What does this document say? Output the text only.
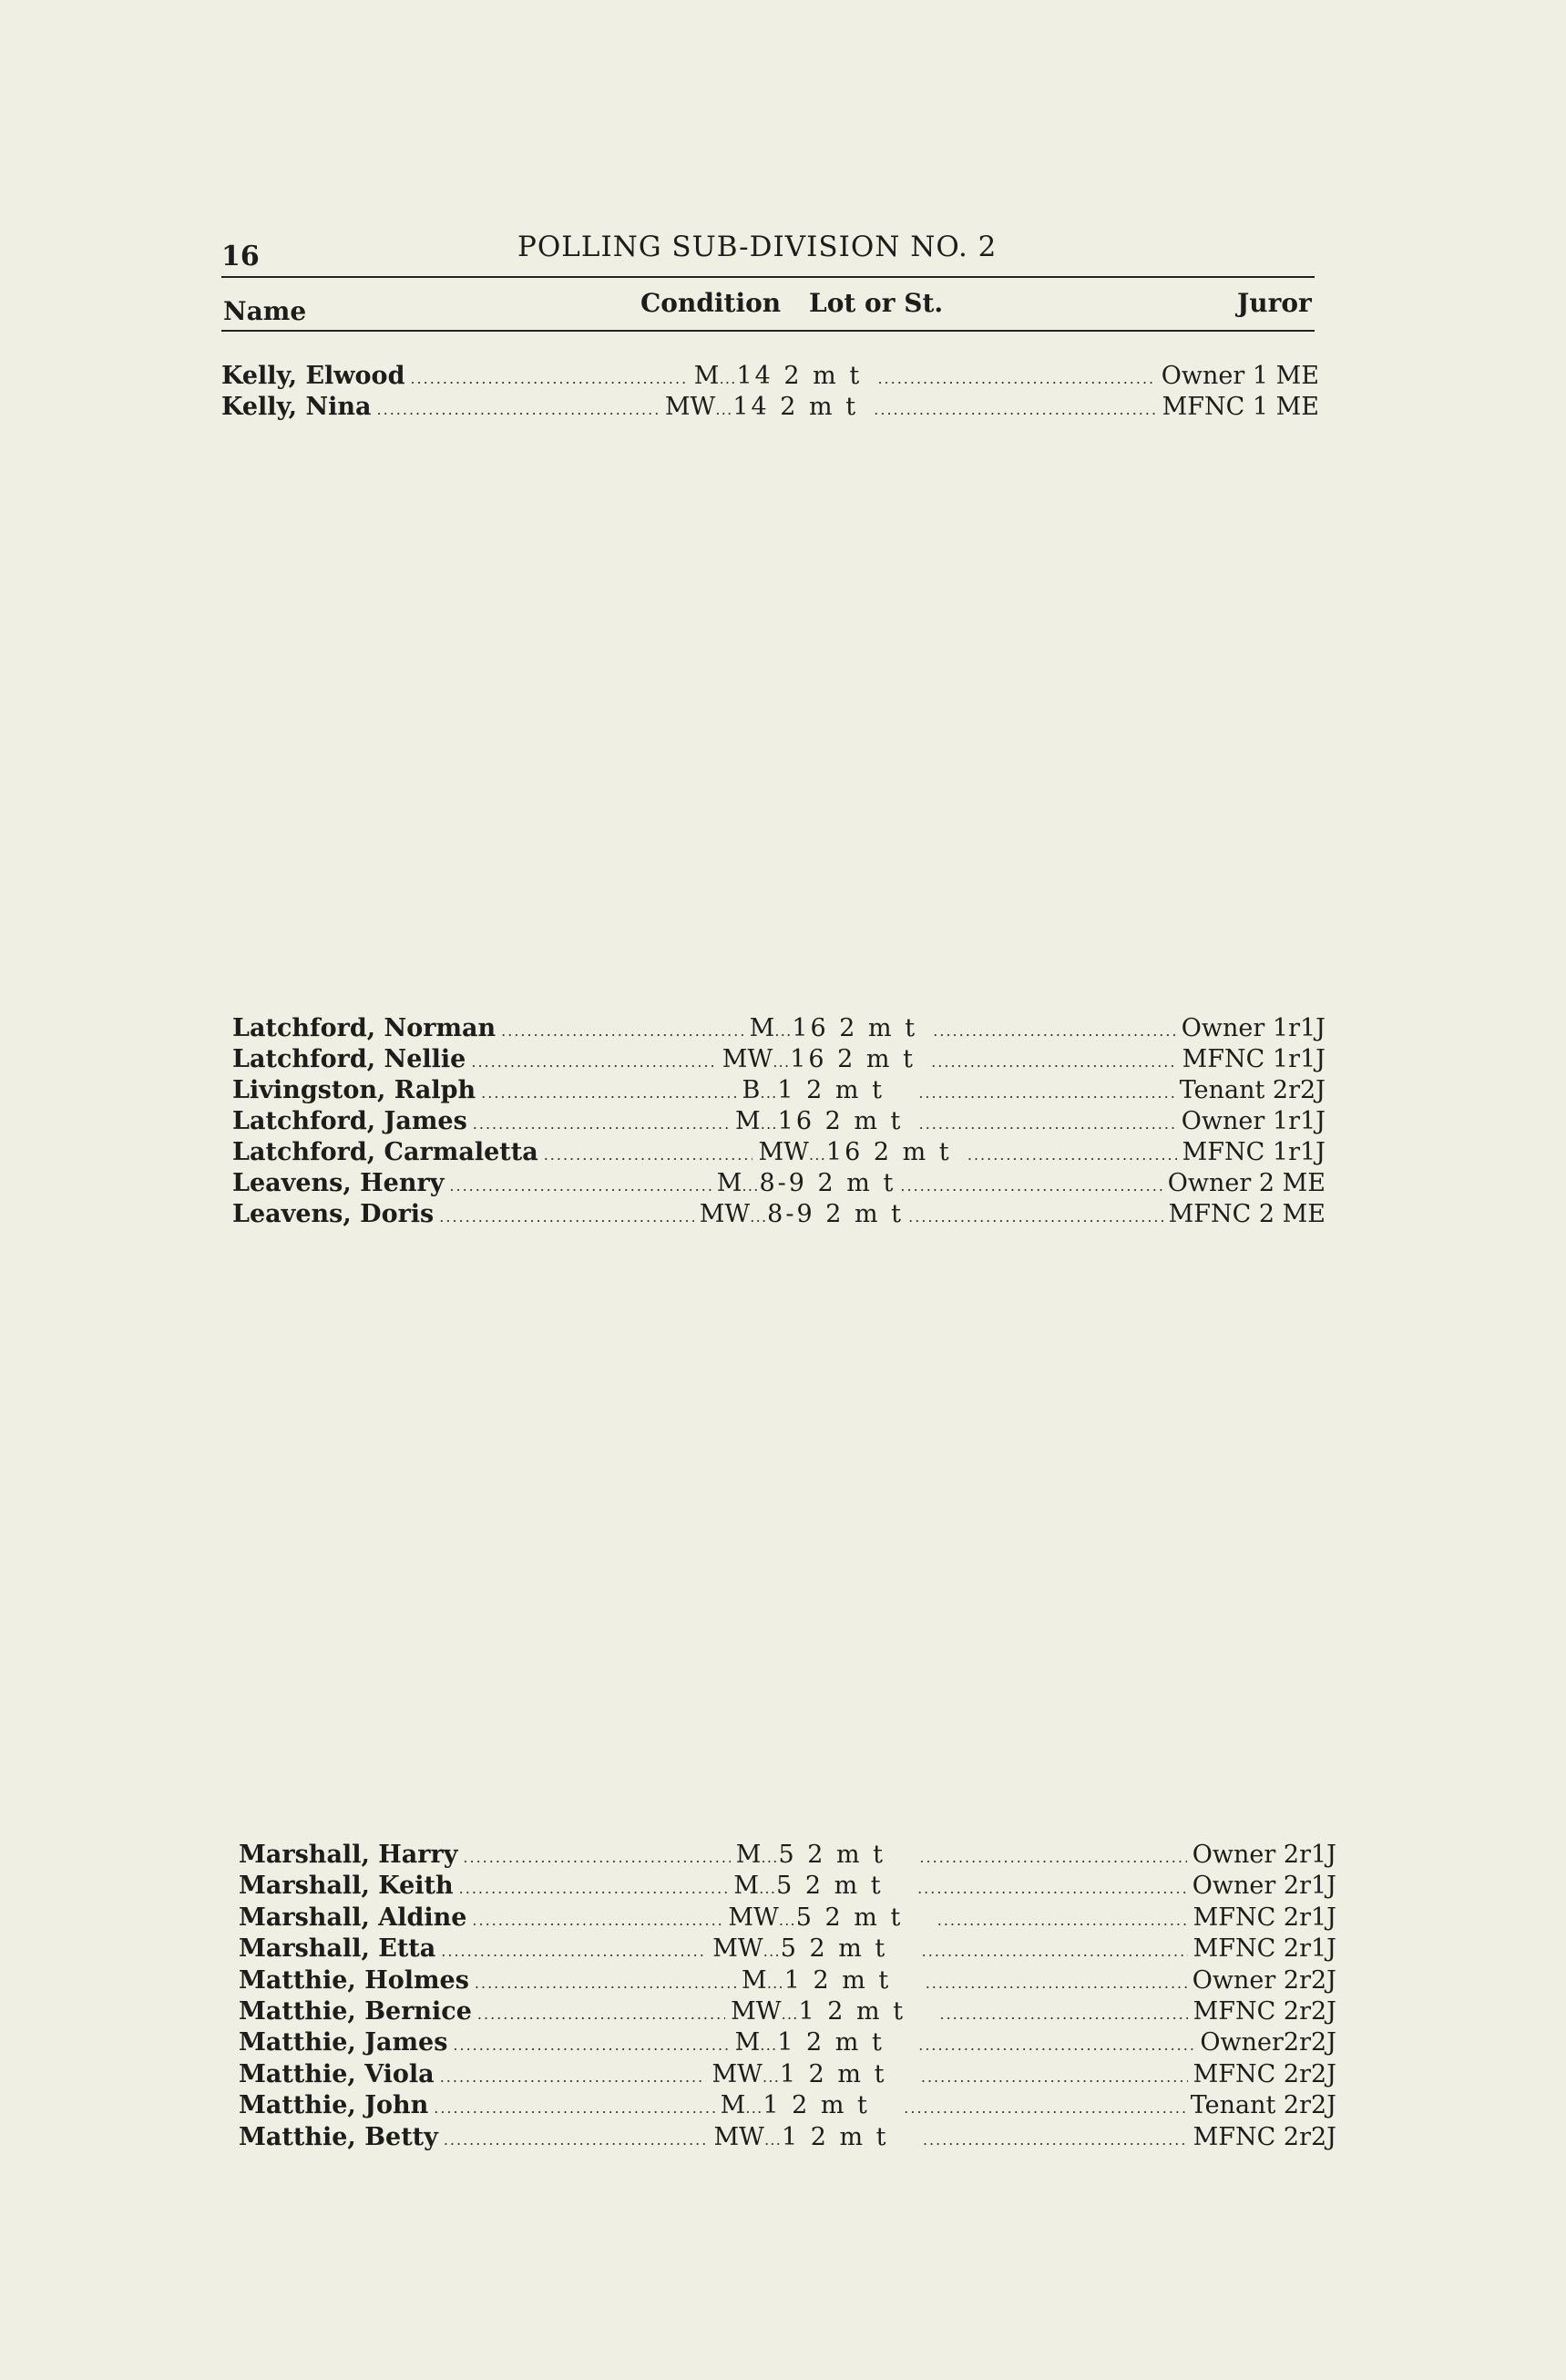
16	POLLING SUB-DIVISION NO. 2
Name	Condition Lot or St.	Juror
Kelly, Elwood .....	M ․․․14 2 m t .....	Owner 1 ME
Kelly, Nina .....	MW ․․․14 2 m t .....	MFNC 1 ME
Latchford, Norman .....	M ․․․16 2 m t .....	Owner 1r1J
Latchford, Nellie .....	MW ․․․16 2 m t .....	MFNC 1r1J
Livingston, Ralph .....	B ․․․1 2 m t .....	Tenant 2r2J
Latchford, James .....	M ․․․16 2 m t .....	Owner 1r1J
Latchford, Carmaletta .....	MW ․․․16 2 m t .....	MFNC 1r1J
Leavens, Henry .....	M ․․․8-9 2 m t .....	Owner 2 ME
Leavens, Doris .....	MW ․․․8-9 2 m t .....	MFNC 2 ME
Marshall, Harry .....	M ․․․5 2 m t .....	Owner 2r1J
Marshall, Keith .....	M ․․․5 2 m t .....	Owner 2r1J
Marshall, Aldine .....	MW ․․․5 2 m t .....	MFNC 2r1J
Marshall, Etta .....	MW ․․․5 2 m t .....	MFNC 2r1J
Matthie, Holmes .....	M ․․․1 2 m t .....	Owner 2r2J
Matthie, Bernice .....	MW ․․․1 2 m t .....	MFNC 2r2J
Matthie, James .....	M ․․․1 2 m t .....	Owner2r2J
Matthie, Viola .....	MW ․․․1 2 m t .....	MFNC 2r2J
Matthie, John .....	M ․․․1 2 m t .....	Tenant 2r2J
Matthie, Betty .....	MW ․․․1 2 m t .....	MFNC 2r2J
